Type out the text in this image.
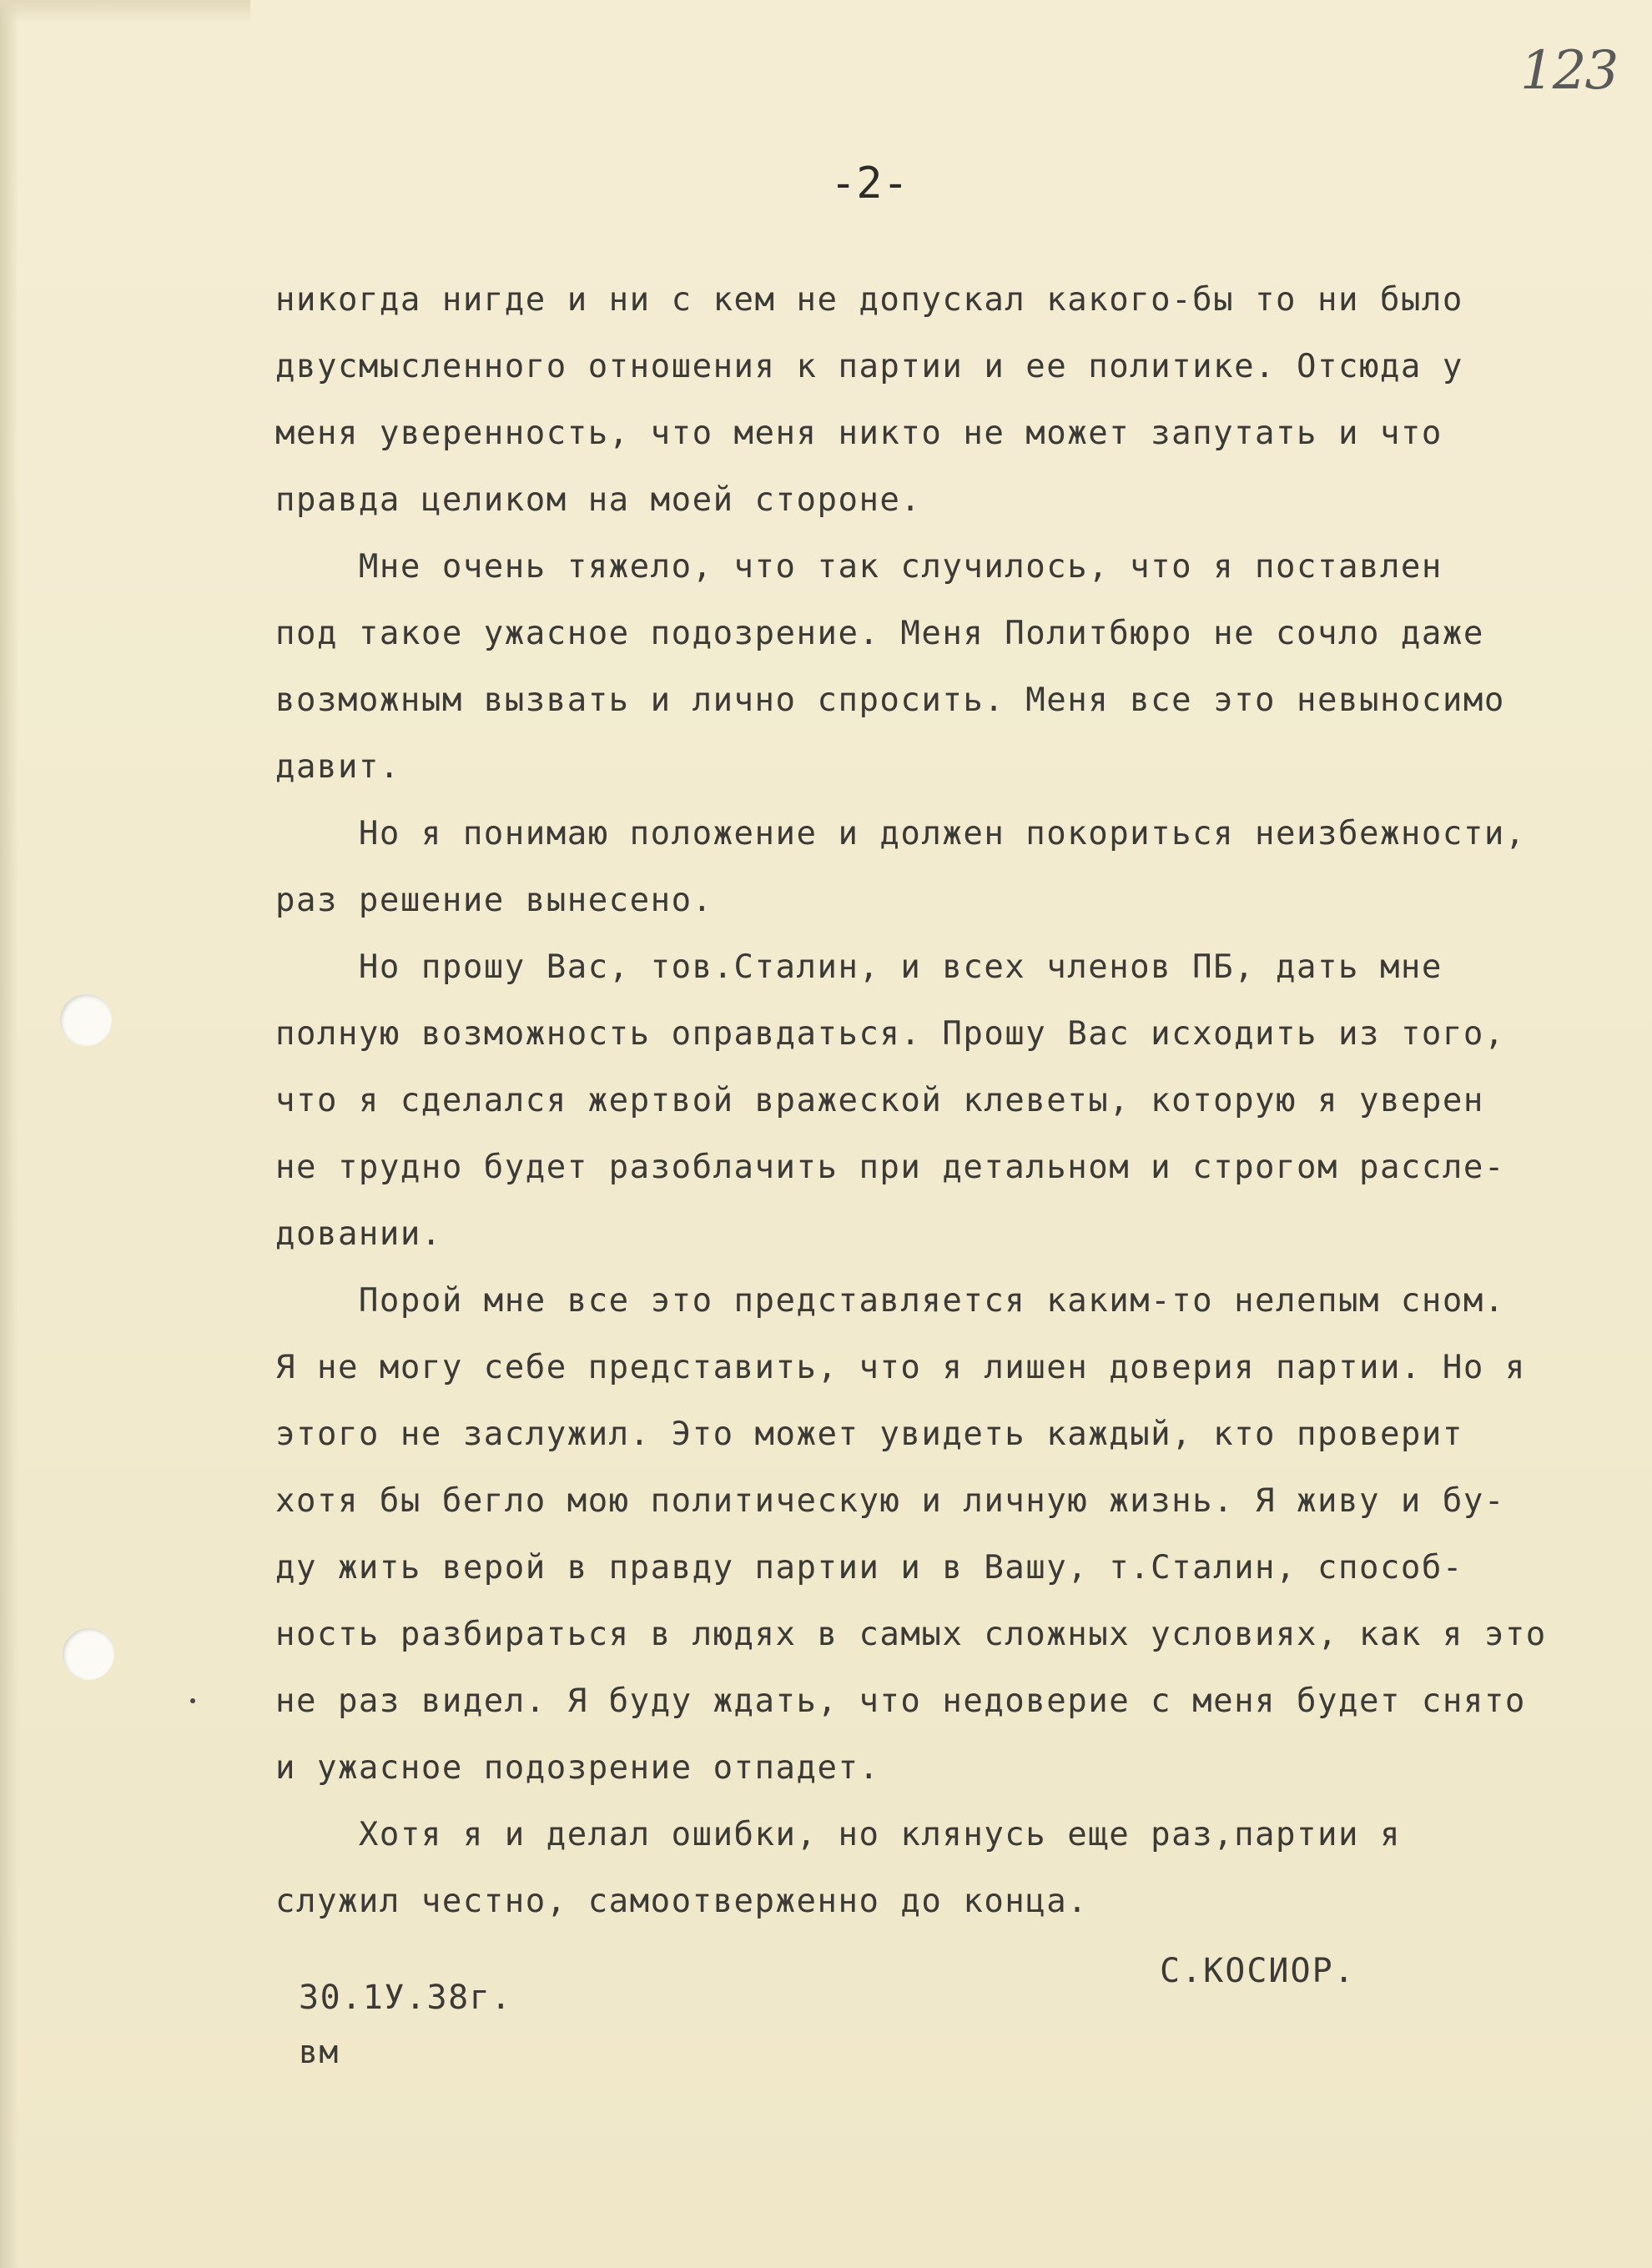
123
-2-
никогда нигде и ни с кем не допускал какого-бы то ни было
двусмысленного отношения к партии и ее политике. Отсюда у
меня уверенность, что меня никто не может запутать и что
правда целиком на моей стороне.
Мне очень тяжело, что так случилось, что я поставлен
под такое ужасное подозрение. Меня Политбюро не сочло даже
возможным вызвать и лично спросить. Меня все это невыносимо
давит.
Но я понимаю положение и должен покориться неизбежности,
раз решение вынесено.
Но прошу Вас, тов.Сталин, и всех членов ПБ, дать мне
полную возможность оправдаться. Прошу Вас исходить из того,
что я сделался жертвой вражеской клеветы, которую я уверен
не трудно будет разоблачить при детальном и строгом рассле-
довании.
Порой мне все это представляется каким-то нелепым сном.
Я не могу себе представить, что я лишен доверия партии. Но я
этого не заслужил. Это может увидеть каждый, кто проверит
хотя бы бегло мою политическую и личную жизнь. Я живу и бу-
ду жить верой в правду партии и в Вашу, т.Сталин, способ-
ность разбираться в людях в самых сложных условиях, как я это
не раз видел. Я буду ждать, что недоверие с меня будет снято
и ужасное подозрение отпадет.
Хотя я и делал ошибки, но клянусь еще раз,партии я
служил честно, самоотверженно до конца.
30.1У.38г.
С.КОСИОР.
вм
